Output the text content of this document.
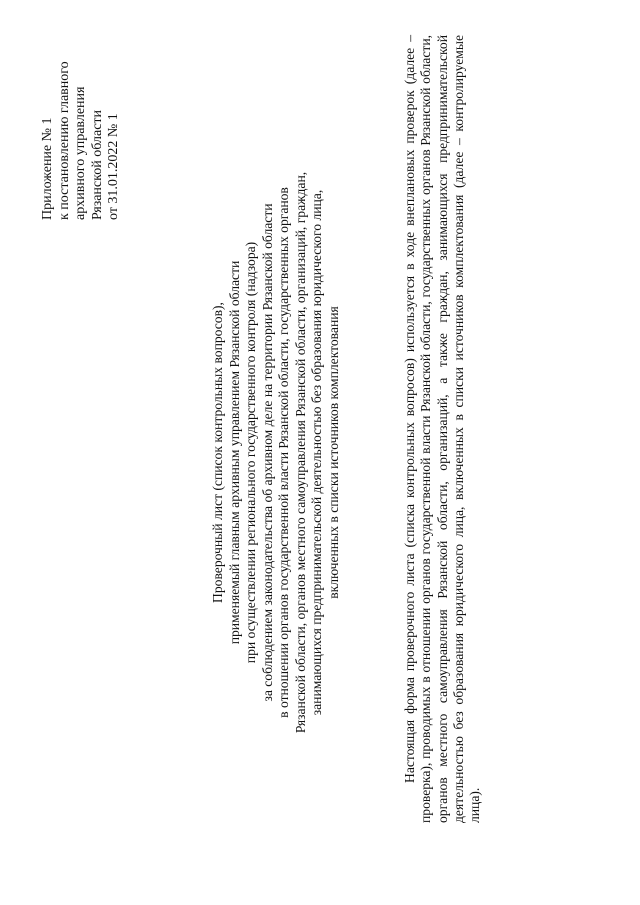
Приложение № 1 к постановлению главного архивного управления Рязанской области от 31.01.2022 № 1
Проверочный лист (список контрольных вопросов), применяемый главным архивным управлением Рязанской области при осуществлении регионального государственного контроля (надзора) за соблюдением законодательства об архивном деле на территории Рязанской области в отношении органов государственной власти Рязанской области, государственных органов Рязанской области, органов местного самоуправления Рязанской области, организаций, граждан, занимающихся предпринимательской деятельностью без образования юридического лица, включенных в списки источников комплектования	Настоящая форма проверочного листа (списка контрольных вопросов) используется в ходе внеплановых проверок (далее – проверка), проводимых в отношении органов государственной власти Рязанской области, государственных органов Рязанской области, органов местного самоуправления Рязанской области, организаций, а также граждан, занимающихся предпринимательской деятельностью без образования юридического лица, включенных в списки источников комплектования (далее – контролируемые лица).
